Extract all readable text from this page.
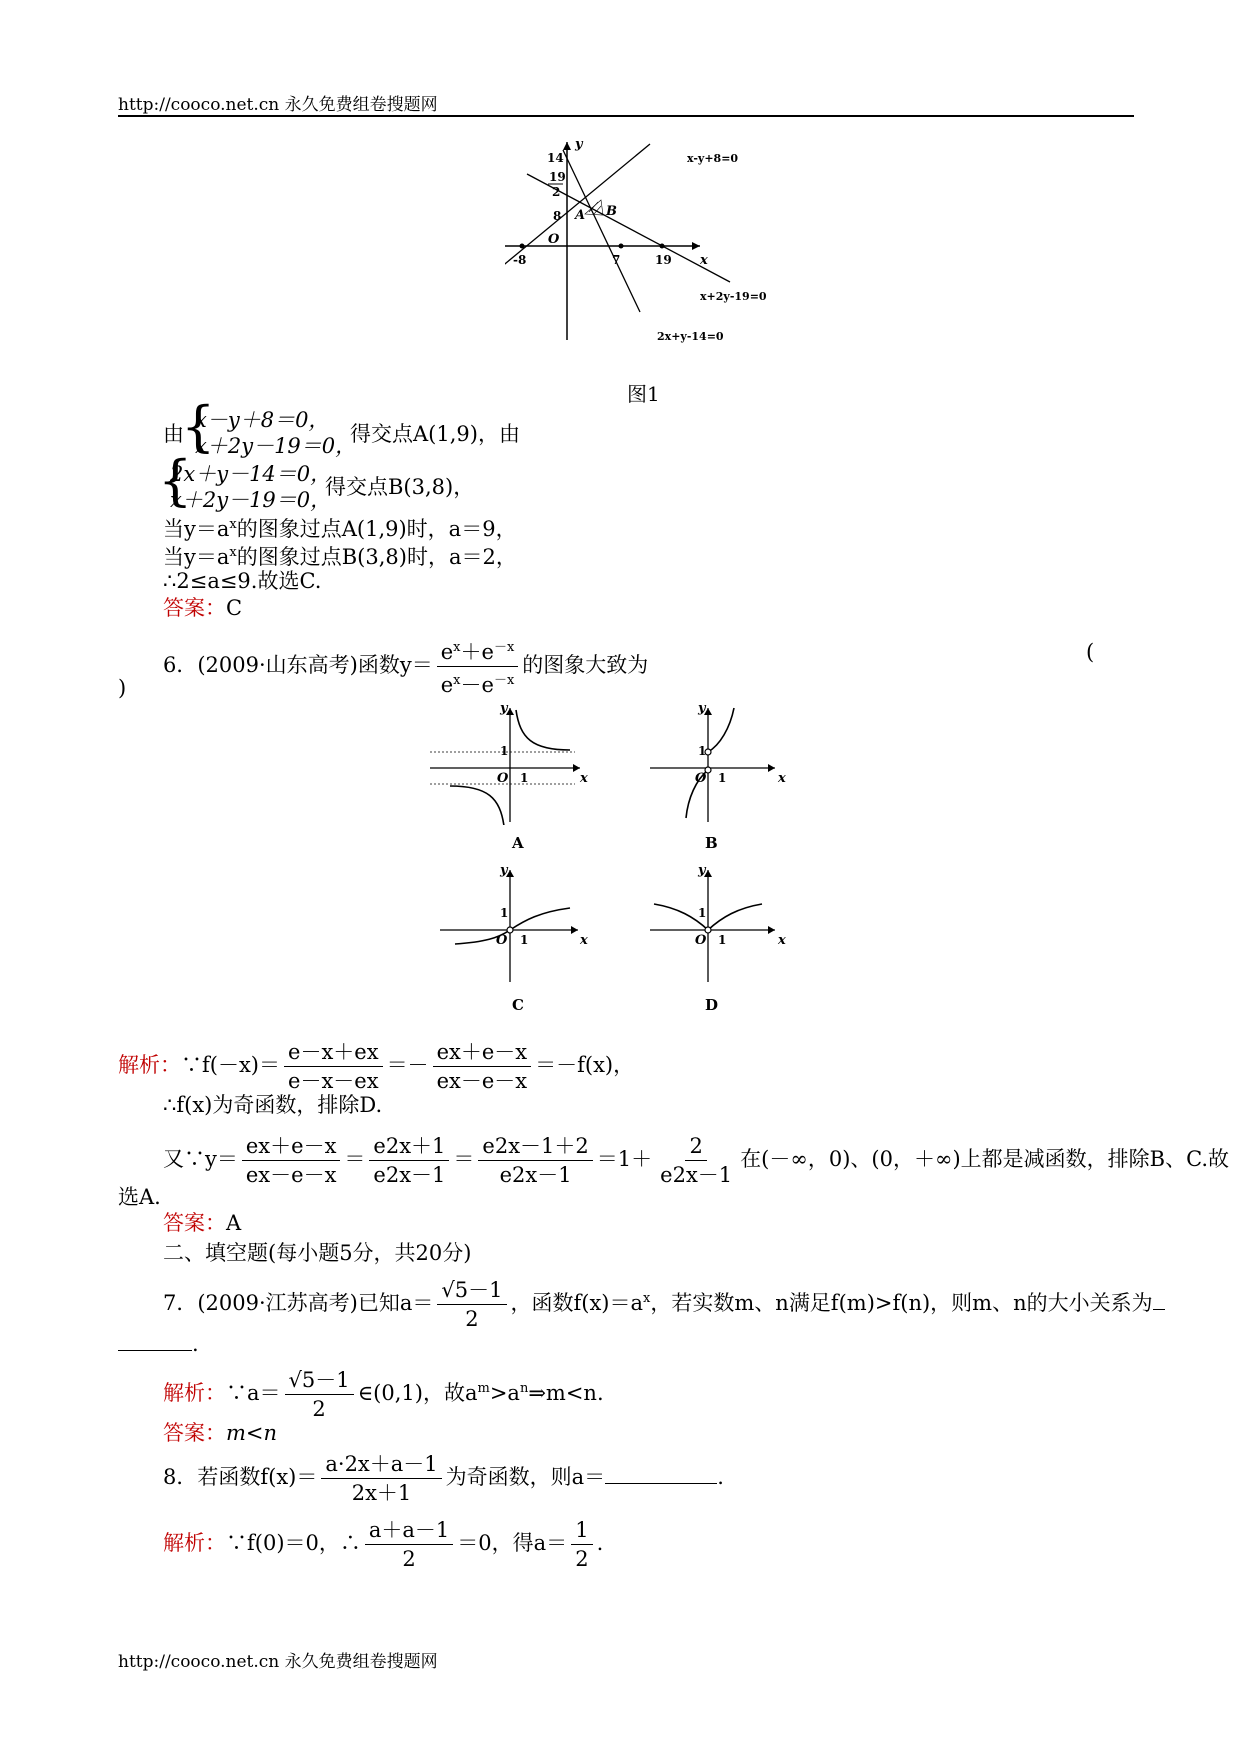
http://cooco.net.cn 永久免费组卷搜题网
y
x
O
14
19
2
8
-8	7	19
A B
x-y+8=0
x+2y-19=0
2x+y-14=0
图1
由
{
x－y＋8＝0，
x＋2y－19＝0，
得交点A(1,9)，由
{
2x＋y－14＝0，
x＋2y－19＝0，
得交点B(3,8)，
当$y=a^x$的图象过点A(1,9)时，a＝9，
当$y=a^x$的图象过点B(3,8)时，a＝2，
∴2≤a≤9.故选C.
答案：C
6．(2009·山东高考)函数$y= \frac{e^x+e^{-x}}{e^x-e^{-x}}$ 的图象大致为
(
)
y
x
O
1
1
A
y
x
O
1
1
B
y
x
O
1
1
C
y
x
O
1
1
D
解析：∵f(－x)＝ $\frac{e-x+ex}{e-x-ex} =- \frac{ex+e-x}{ex-e-x} =-f(x)$，
∴f(x)为奇函数，排除D.
又∵y＝ $\frac{ex+e-x}{ex-e-x} = \frac{e2x+1}{e2x-1} = \frac{e2x-1+2}{e2x-1} =1+ \frac{2}{e2x-1}$ 在(－∞，0)、(0，＋∞)上都是减函数，排除B、C.故
选A.
答案：A
二、填空题(每小题5分，共20分)
7．(2009·江苏高考)已知$a= \frac{√5-1}{2}$ ，函数$f(x)=a^x$，若实数m、n满足f(m)>f(n)，则m、n的大小关系为
.
解析：∵a＝ $\frac{√5-1}{2}$ ∈(0,1)，故$a^m>a^n\Rightarrow m<n$.
答案：m<n
8．若函数$f(x)= \frac{a\cdot 2x+a-1}{2x+1}$ 为奇函数，则a＝	.
解析：∵f(0)＝0，∴ $\frac{a+a-1}{2} =0$，得$a= \frac{1}{2}$ .
http://cooco.net.cn 永久免费组卷搜题网
